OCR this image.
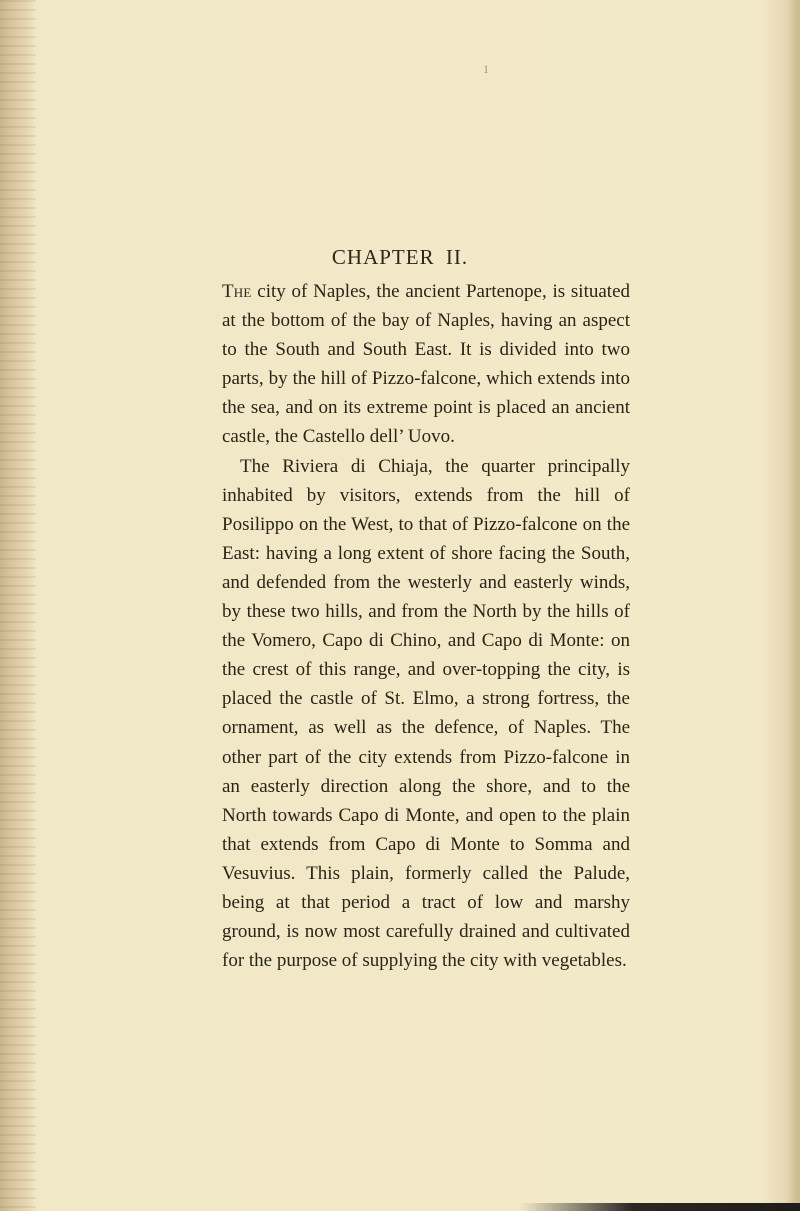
1
CHAPTER II.

The city of Naples, the ancient Partenope, is situated at the bottom of the bay of Naples, having an aspect to the South and South East. It is divided into two parts, by the hill of Pizzo-falcone, which extends into the sea, and on its extreme point is placed an ancient castle, the Castello dell’ Uovo.

The Riviera di Chiaja, the quarter principally inhabited by visitors, extends from the hill of Posilippo on the West, to that of Pizzo-falcone on the East: having a long extent of shore facing the South, and defended from the westerly and easterly winds, by these two hills, and from the North by the hills of the Vomero, Capo di Chino, and Capo di Monte: on the crest of this range, and over-topping the city, is placed the castle of St. Elmo, a strong fortress, the ornament, as well as the defence, of Naples. The other part of the city extends from Pizzo-falcone in an easterly direction along the shore, and to the North towards Capo di Monte, and open to the plain that extends from Capo di Monte to Somma and Vesuvius. This plain, formerly called the Palude, being at that period a tract of low and marshy ground, is now most carefully drained and cultivated for the purpose of supplying the city with vegetables.
